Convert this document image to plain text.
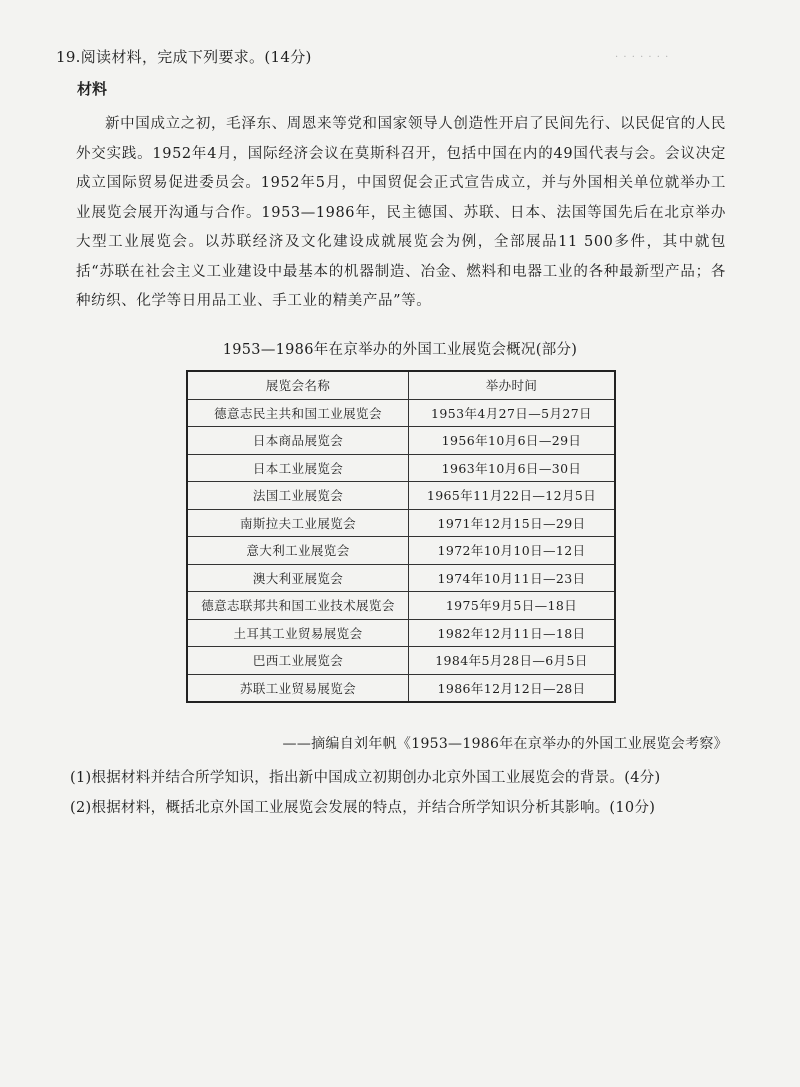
· · · · · · ·
19.阅读材料，完成下列要求。(14分)
材料
新中国成立之初，毛泽东、周恩来等党和国家领导人创造性开启了民间先行、以民促官的人民外交实践。1952年4月，国际经济会议在莫斯科召开，包括中国在内的49国代表与会。会议决定成立国际贸易促进委员会。1952年5月，中国贸促会正式宣告成立，并与外国相关单位就举办工业展览会展开沟通与合作。1953—1986年，民主德国、苏联、日本、法国等国先后在北京举办大型工业展览会。以苏联经济及文化建设成就展览会为例，全部展品11 500多件，其中就包括“苏联在社会主义工业建设中最基本的机器制造、冶金、燃料和电器工业的各种最新型产品；各种纺织、化学等日用品工业、手工业的精美产品”等。
1953—1986年在京举办的外国工业展览会概况(部分)
展览会名称	举办时间
德意志民主共和国工业展览会	1953年4月27日—5月27日
日本商品展览会	1956年10月6日—29日
日本工业展览会	1963年10月6日—30日
法国工业展览会	1965年11月22日—12月5日
南斯拉夫工业展览会	1971年12月15日—29日
意大利工业展览会	1972年10月10日—12日
澳大利亚展览会	1974年10月11日—23日
德意志联邦共和国工业技术展览会	1975年9月5日—18日
土耳其工业贸易展览会	1982年12月11日—18日
巴西工业展览会	1984年5月28日—6月5日
苏联工业贸易展览会	1986年12月12日—28日
——摘编自刘年帆《1953—1986年在京举办的外国工业展览会考察》
(1)根据材料并结合所学知识，指出新中国成立初期创办北京外国工业展览会的背景。(4分)
(2)根据材料，概括北京外国工业展览会发展的特点，并结合所学知识分析其影响。(10分)
